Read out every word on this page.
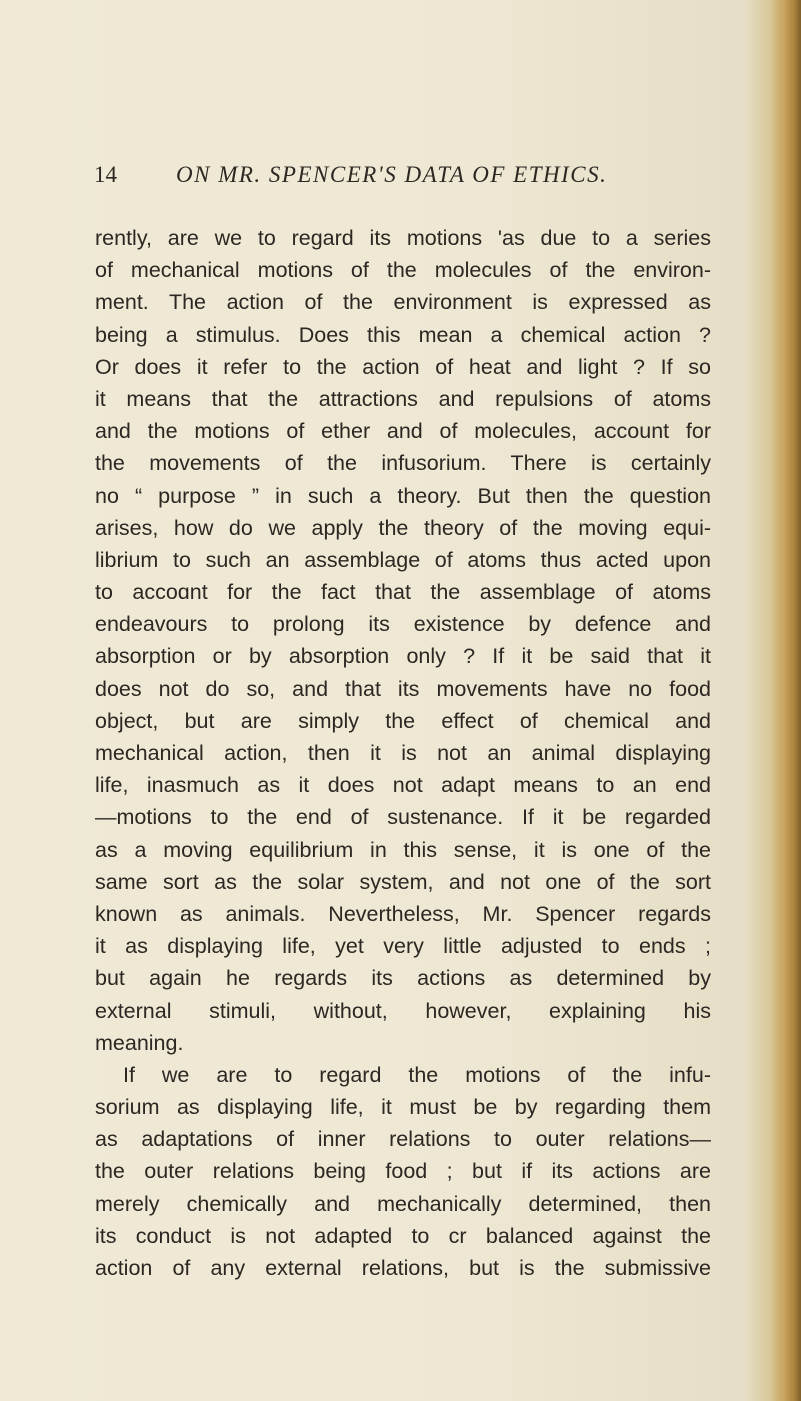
14	ON MR. SPENCER'S DATA OF ETHICS.
rently, are we to regard its motions 'as due to a series
of mechanical motions of the molecules of the environ-
ment. The action of the environment is expressed as
being a stimulus. Does this mean a chemical action ?
Or does it refer to the action of heat and light ? If so
it means that the attractions and repulsions of atoms
and the motions of ether and of molecules, account for
the movements of the infusorium. There is certainly
no “ purpose ” in such a theory. But then the question
arises, how do we apply the theory of the moving equi-
librium to such an assemblage of atoms thus acted upon
to accoɑnt for the fact that the assemblage of atoms
endeavours to prolong its existence by defence and
absorption or by absorption only ? If it be said that it
does not do so, and that its movements have no food
object, but are simply the effect of chemical and
mechanical action, then it is not an animal displaying
life, inasmuch as it does not adapt means to an end
—motions to the end of sustenance. If it be regarded
as a moving equilibrium in this sense, it is one of the
same sort as the solar system, and not one of the sort
known as animals. Nevertheless, Mr. Spencer regards
it as displaying life, yet very little adjusted to ends ;
but again he regards its actions as determined by
external stimuli, without, however, explaining his
meaning.
If we are to regard the motions of the infu-
sorium as displaying life, it must be by regarding them
as adaptations of inner relations to outer relations—
the outer relations being food ; but if its actions are
merely chemically and mechanically determined, then
its conduct is not adapted to cr balanced against the
action of any external relations, but is the submissive
